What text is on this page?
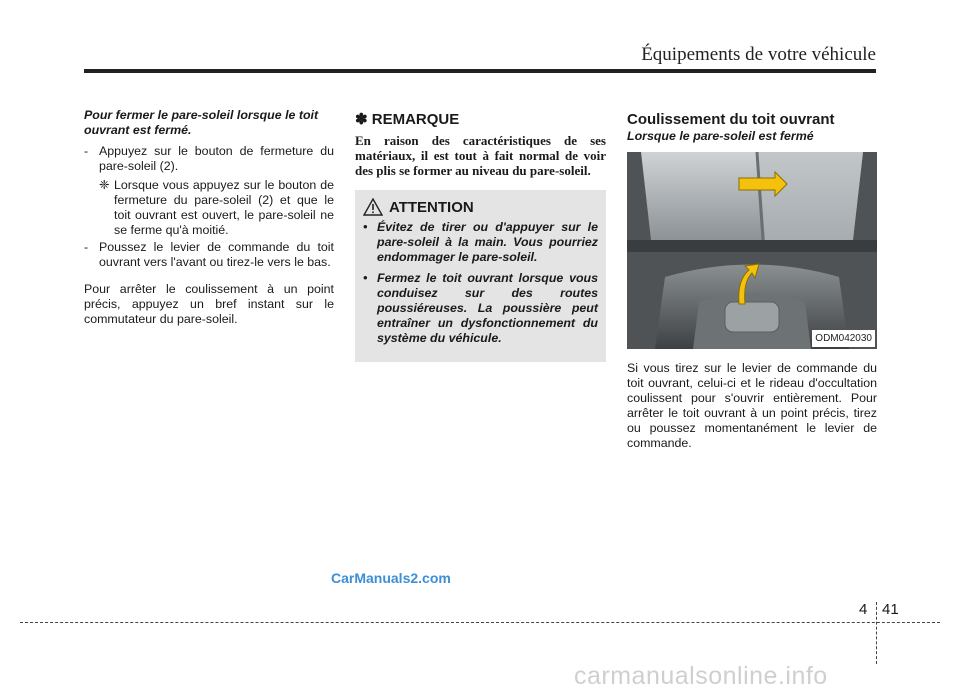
Équipements de votre véhicule

Pour fermer le pare-soleil lorsque le toit ouvrant est fermé.

- Appuyez sur le bouton de fermeture du pare-soleil (2).
❈ Lorsque vous appuyez sur le bouton de fermeture du pare-soleil (2) et que le toit ouvrant est ouvert, le pare-soleil ne se ferme qu'à moitié.
- Poussez le levier de commande du toit ouvrant vers l'avant ou tirez-le vers le bas.

Pour arrêter le coulissement à un point précis, appuyez un bref instant sur le commutateur du pare-soleil.

✽ REMARQUE

En raison des caractéristiques de ses matériaux, il est tout à fait normal de voir des plis se former au niveau du pare-soleil.

ATTENTION
• Évitez de tirer ou d'appuyer sur le pare-soleil à la main. Vous pourriez endommager le pare-soleil.
• Fermez le toit ouvrant lorsque vous conduisez sur des routes poussiéreuses. La poussière peut entraîner un dysfonctionnement du système du véhicule.
Coulissement du toit ouvrant
Lorsque le pare-soleil est fermé
ODM042030

Si vous tirez sur le levier de commande du toit ouvrant, celui-ci et le rideau d'occultation coulissent pour s'ouvrir entièrement. Pour arrêter le toit ouvrant à un point précis, tirez ou poussez momentanément le levier de commande.

CarManuals2.com
4 41
carmanualsonline.info
